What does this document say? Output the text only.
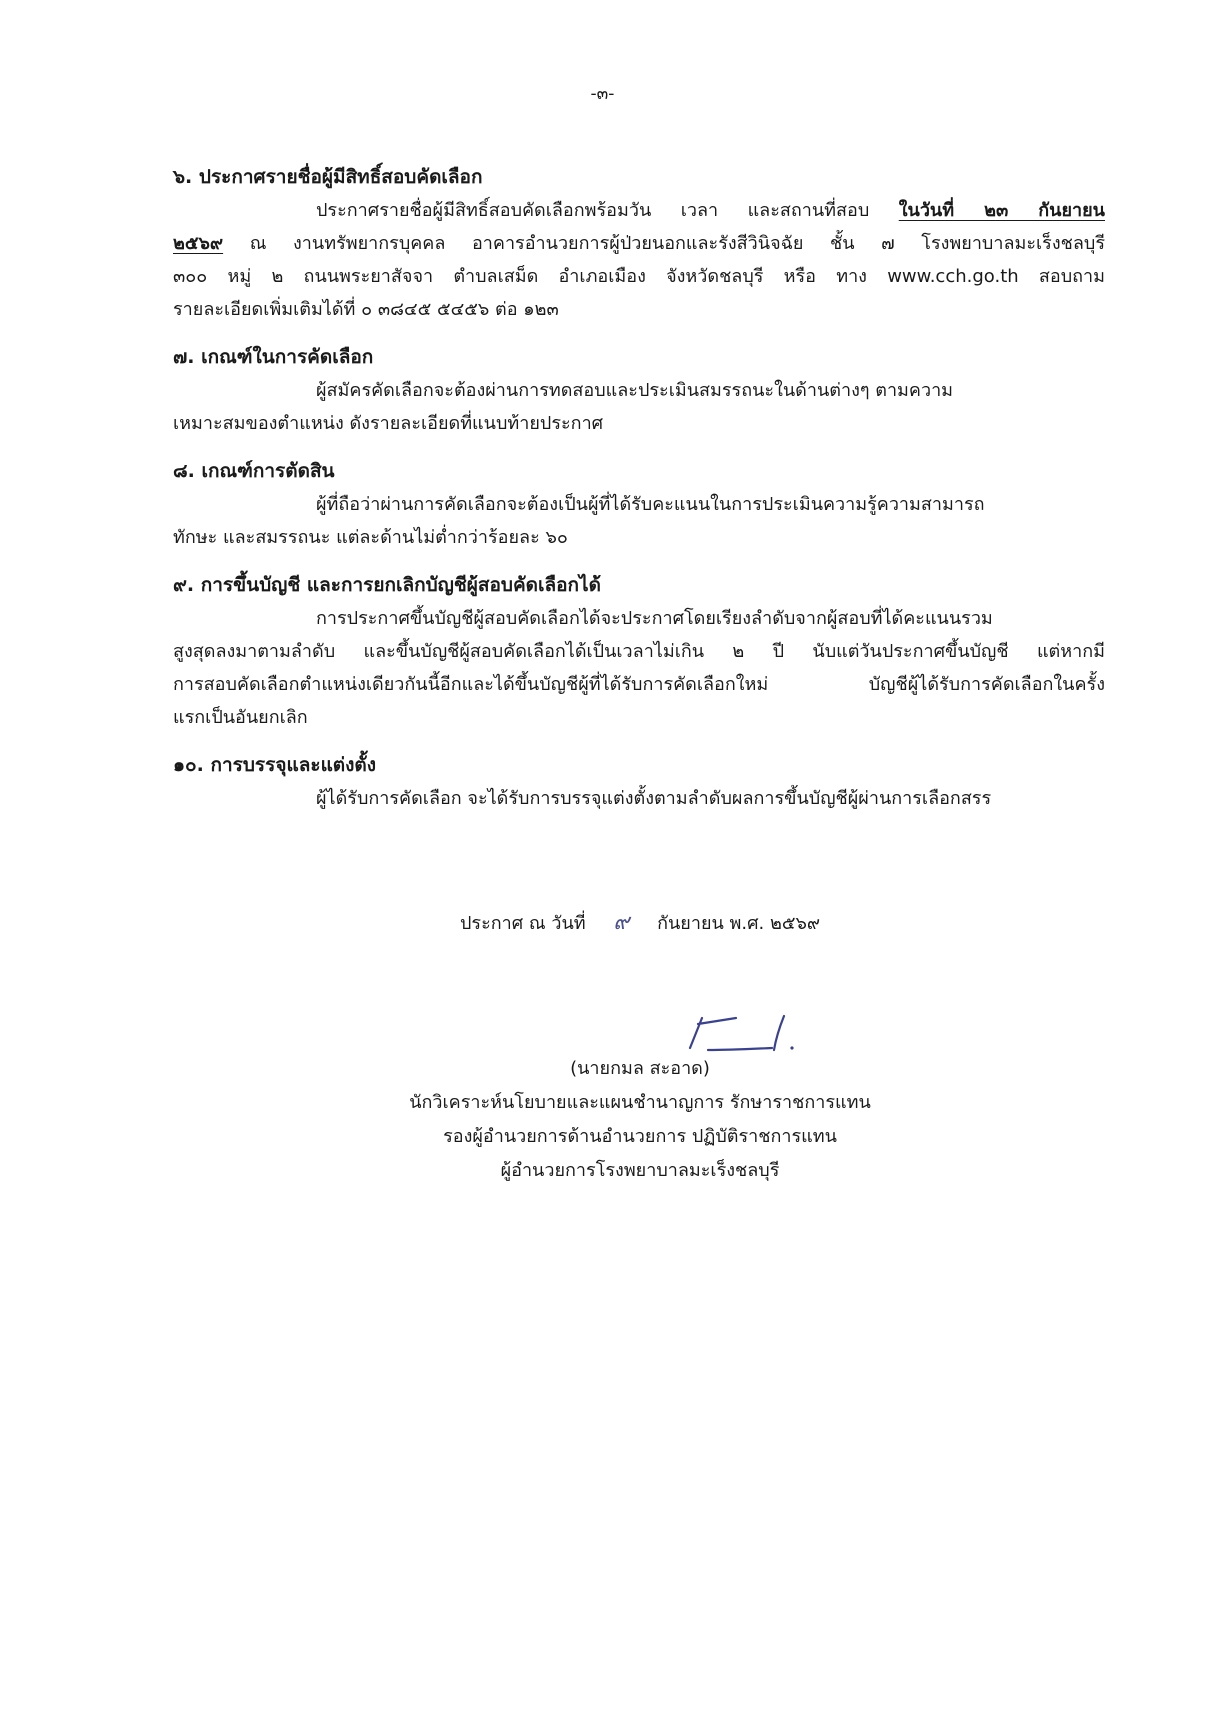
-๓-

๖. ประกาศรายชื่อผู้มีสิทธิ์สอบคัดเลือก

ประกาศรายชื่อผู้มีสิทธิ์สอบคัดเลือกพร้อมวัน เวลา และสถานที่สอบ ในวันที่ ๒๓ กันยายน
๒๕๖๙ ณ งานทรัพยากรบุคคล อาคารอำนวยการผู้ป่วยนอกและรังสีวินิจฉัย ชั้น ๗ โรงพยาบาลมะเร็งชลบุรี
๓๐๐ หมู่ ๒ ถนนพระยาสัจจา ตำบลเสม็ด อำเภอเมือง จังหวัดชลบุรี หรือ ทาง www.cch.go.th สอบถาม
รายละเอียดเพิ่มเติมได้ที่ ๐ ๓๘๔๕ ๕๔๕๖ ต่อ ๑๒๓

๗. เกณฑ์ในการคัดเลือก

ผู้สมัครคัดเลือกจะต้องผ่านการทดสอบและประเมินสมรรถนะในด้านต่างๆ ตามความ
เหมาะสมของตำแหน่ง ดังรายละเอียดที่แนบท้ายประกาศ

๘. เกณฑ์การตัดสิน

ผู้ที่ถือว่าผ่านการคัดเลือกจะต้องเป็นผู้ที่ได้รับคะแนนในการประเมินความรู้ความสามารถ
ทักษะ และสมรรถนะ แต่ละด้านไม่ต่ำกว่าร้อยละ ๖๐

๙. การขึ้นบัญชี และการยกเลิกบัญชีผู้สอบคัดเลือกได้

การประกาศขึ้นบัญชีผู้สอบคัดเลือกได้จะประกาศโดยเรียงลำดับจากผู้สอบที่ได้คะแนนรวม
สูงสุดลงมาตามลำดับ และขึ้นบัญชีผู้สอบคัดเลือกได้เป็นเวลาไม่เกิน ๒ ปี นับแต่วันประกาศขึ้นบัญชี แต่หากมี
การสอบคัดเลือกตำแหน่งเดียวกันนี้อีกและได้ขึ้นบัญชีผู้ที่ได้รับการคัดเลือกใหม่ บัญชีผู้ได้รับการคัดเลือกในครั้ง
แรกเป็นอันยกเลิก

๑๐. การบรรจุและแต่งตั้ง

ผู้ได้รับการคัดเลือก จะได้รับการบรรจุแต่งตั้งตามลำดับผลการขึ้นบัญชีผู้ผ่านการเลือกสรร
ประกาศ ณ วันที่ ๙ กันยายน พ.ศ. ๒๕๖๙
(นายกมล สะอาด)
นักวิเคราะห์นโยบายและแผนชำนาญการ รักษาราชการแทน
รองผู้อำนวยการด้านอำนวยการ ปฏิบัติราชการแทน
ผู้อำนวยการโรงพยาบาลมะเร็งชลบุรี
